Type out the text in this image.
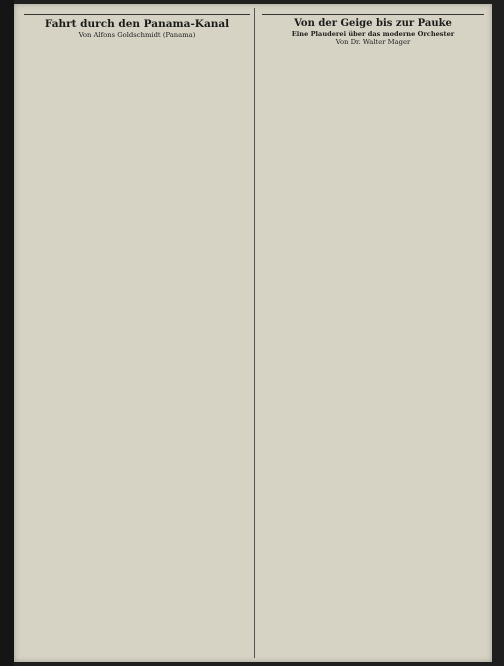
Fahrt durch den Panama-Kanal
Von Alfons Goldschmidt (Panama)

Von der Geige bis zur Pauke
Eine Plauderei über das moderne Orchester
Von Dr. Walter Mager
